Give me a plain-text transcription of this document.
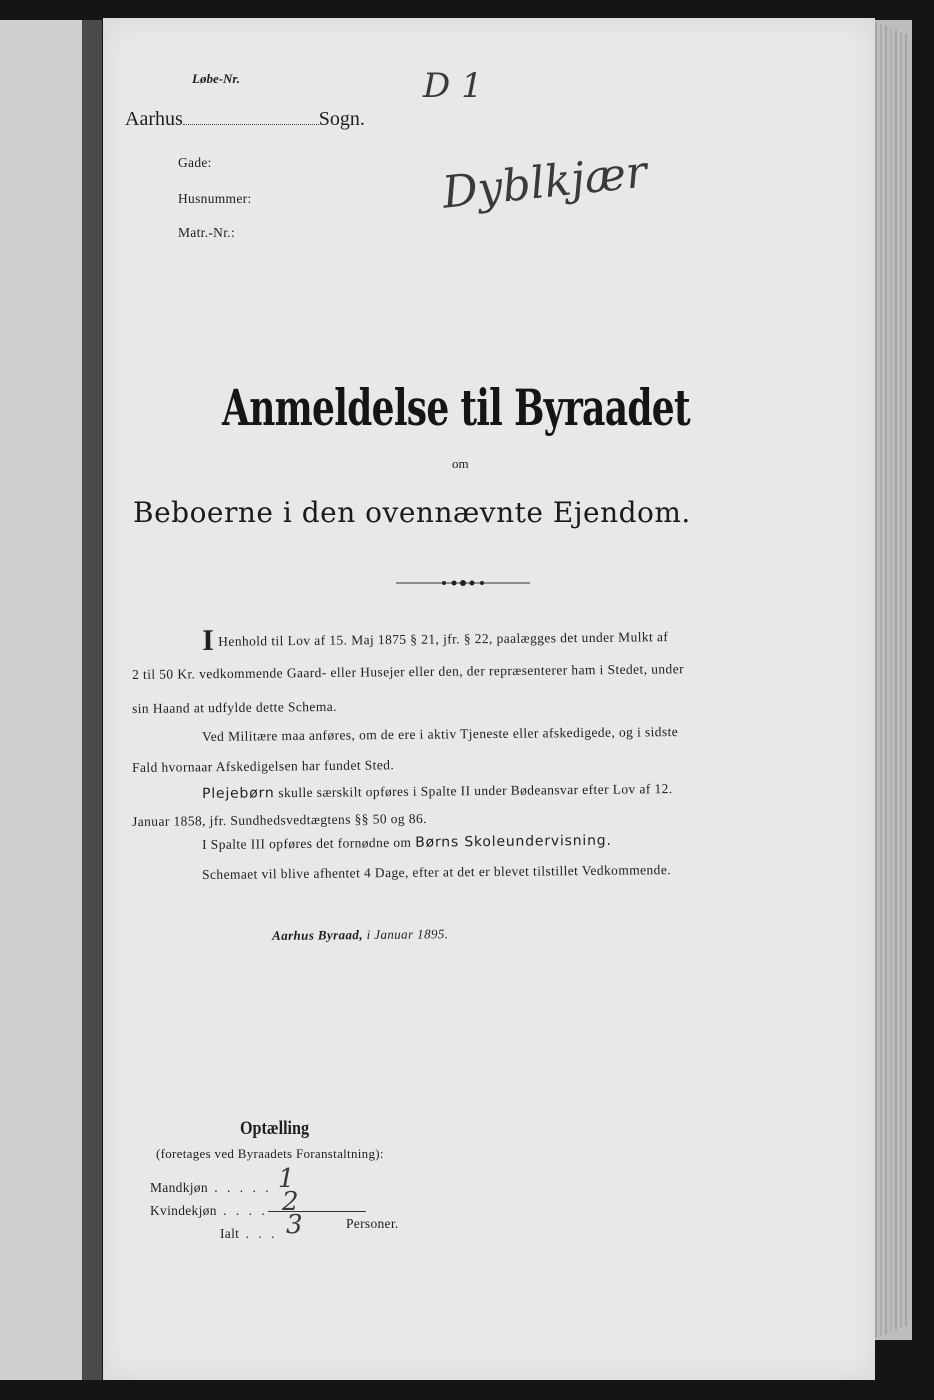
Løbe-Nr.
Aarhus	Sogn.
D 1
Gade:
Husnummer:
Matr.-Nr.:
Dyblkjær
Anmeldelse til Byraadet
om
Beboerne i den ovennævnte Ejendom.
I Henhold til Lov af 15. Maj 1875 § 21, jfr. § 22, paalægges det under Mulkt af
2 til 50 Kr. vedkommende Gaard- eller Husejer eller den, der repræsenterer ham i Stedet, under
sin Haand at udfylde dette Schema.
Ved Militære maa anføres, om de ere i aktiv Tjeneste eller afskedigede, og i sidste
Fald hvornaar Afskedigelsen har fundet Sted.
Plejebørn skulle særskilt opføres i Spalte II under Bødeansvar efter Lov af 12.
Januar 1858, jfr. Sundhedsvedtægtens §§ 50 og 86.
I Spalte III opføres det fornødne om Børns Skoleundervisning.
Schemaet vil blive afhentet 4 Dage, efter at det er blevet tilstillet Vedkommende.
Aarhus Byraad, i Januar 1895.
Optælling
(foretages ved Byraadets Foranstaltning):
Mandkjøn . . . . . 1
Kvindekjøn . . . . 2
Ialt . . . 3	Personer.
